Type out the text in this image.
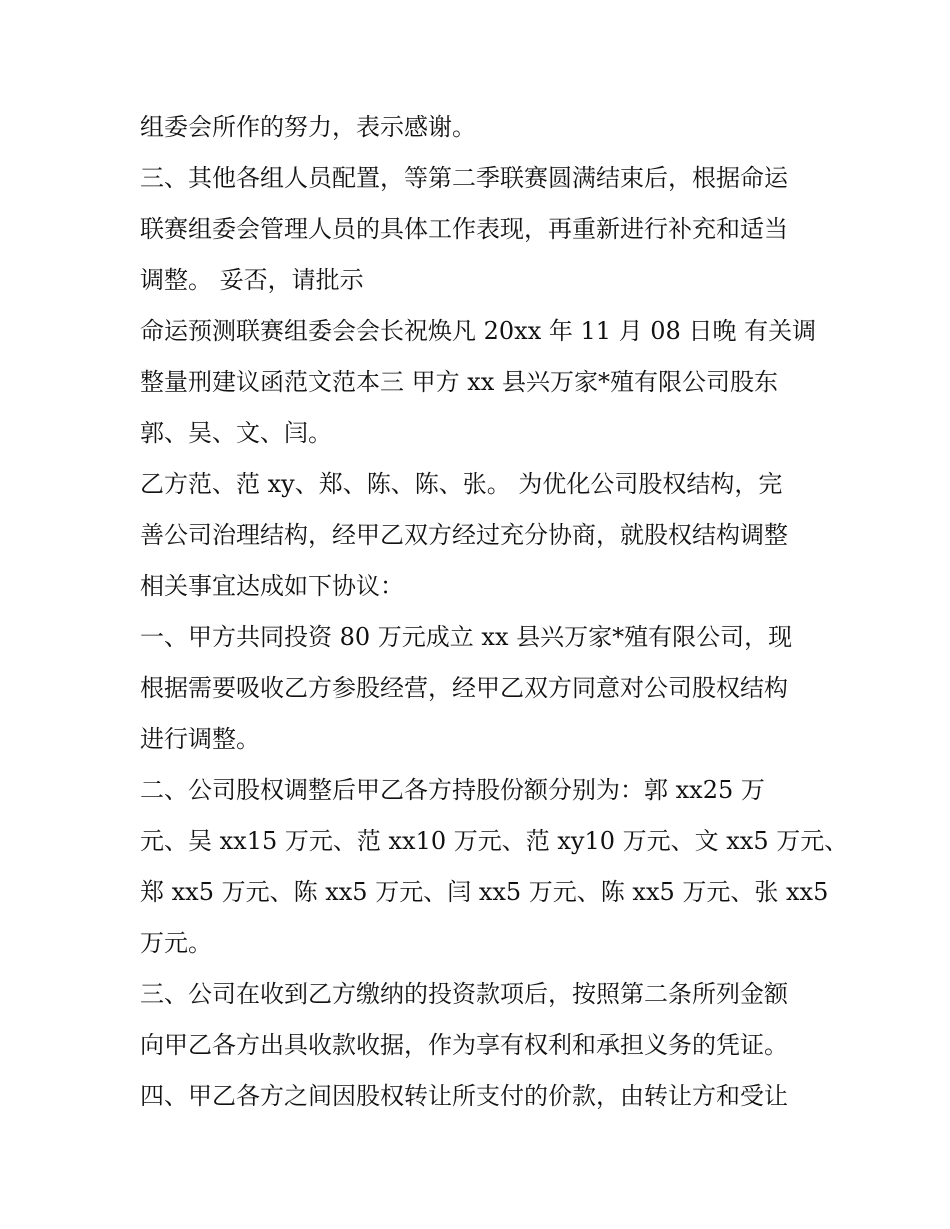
组委会所作的努力，表示感谢。
三、其他各组人员配置，等第二季联赛圆满结束后，根据命运
联赛组委会管理人员的具体工作表现，再重新进行补充和适当
调整。 妥否，请批示
命运预测联赛组委会会长祝焕凡 20xx 年 11 月 08 日晚 有关调
整量刑建议函范文范本三 甲方 xx 县兴万家*殖有限公司股东
郭、吴、文、闫。
乙方范、范 xy、郑、陈、陈、张。 为优化公司股权结构，完
善公司治理结构，经甲乙双方经过充分协商，就股权结构调整
相关事宜达成如下协议：
一、甲方共同投资 80 万元成立 xx 县兴万家*殖有限公司，现
根据需要吸收乙方参股经营，经甲乙双方同意对公司股权结构
进行调整。
二、公司股权调整后甲乙各方持股份额分别为：郭 xx25 万
元、吴 xx15 万元、范 xx10 万元、范 xy10 万元、文 xx5 万元、
郑 xx5 万元、陈 xx5 万元、闫 xx5 万元、陈 xx5 万元、张 xx5
万元。
三、公司在收到乙方缴纳的投资款项后，按照第二条所列金额
向甲乙各方出具收款收据，作为享有权利和承担义务的凭证。
四、甲乙各方之间因股权转让所支付的价款，由转让方和受让
